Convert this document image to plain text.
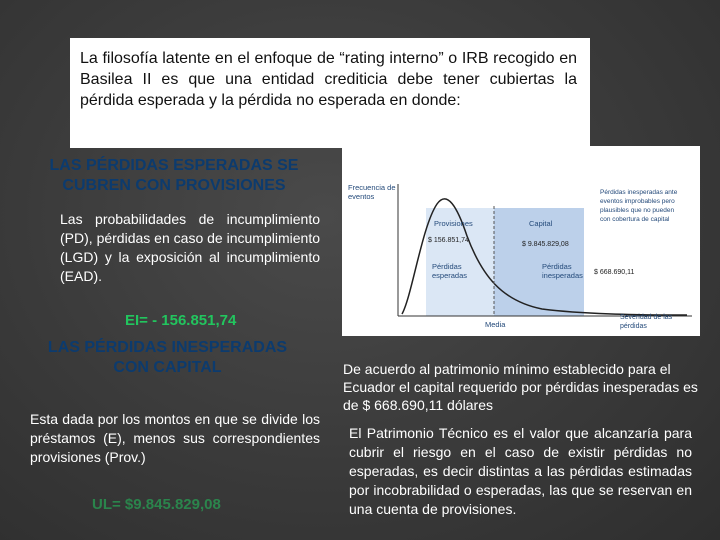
La filosofía latente en el enfoque de “rating interno” o IRB recogido en Basilea II es que una entidad crediticia debe tener cubiertas la pérdida esperada y la pérdida no esperada en donde:
LAS PÉRDIDAS ESPERADAS SE CUBREN CON PROVISIONES
Las probabilidades de incumplimiento (PD), pérdidas en caso de incumplimiento (LGD) y la exposición al incumplimiento (EAD).
EI= - 156.851,74
LAS PÉRDIDAS INESPERADAS CON CAPITAL
Esta dada por los montos en que se divide los préstamos (E), menos sus correspondientes provisiones (Prov.)
UL= $9.845.829,08
Frecuencia de
eventos
Provisiones
$ 156.851,74
Capital
$ 9.845.829,08
Pérdidas
esperadas
Pérdidas
inesperadas $ 668.690,11
Pérdidas inesperadas ante
eventos improbables pero
plausibles que no pueden
con cobertura de capital
Media
Severidad de las
pérdidas
De acuerdo al patrimonio mínimo establecido para el Ecuador el capital requerido por pérdidas inesperadas es de $ 668.690,11 dólares
El Patrimonio Técnico es el valor que alcanzaría para cubrir el riesgo en el caso de existir pérdidas no esperadas, es decir distintas a las pérdidas estimadas por incobrabilidad o esperadas, las que se reservan en una cuenta de provisiones.
